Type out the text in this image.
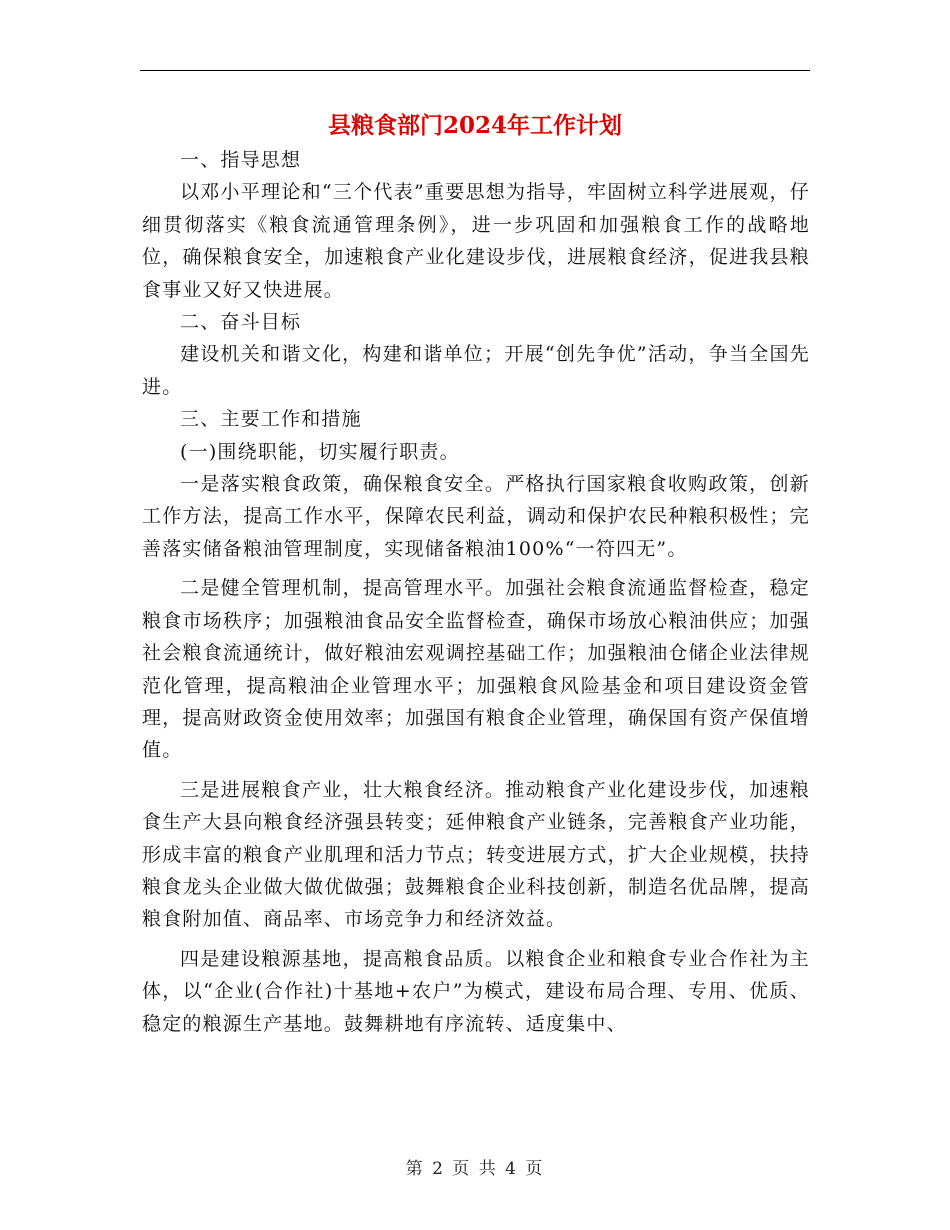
县粮食部门2024年工作计划

一、指导思想

以邓小平理论和“三个代表”重要思想为指导，牢固树立科学进展观，仔细贯彻落实《粮食流通管理条例》，进一步巩固和加强粮食工作的战略地位，确保粮食安全，加速粮食产业化建设步伐，进展粮食经济，促进我县粮食事业又好又快进展。

二、奋斗目标

建设机关和谐文化，构建和谐单位；开展“创先争优”活动，争当全国先进。

三、主要工作和措施

(一)围绕职能，切实履行职责。

一是落实粮食政策，确保粮食安全。严格执行国家粮食收购政策，创新工作方法，提高工作水平，保障农民利益，调动和保护农民种粮积极性；完善落实储备粮油管理制度，实现储备粮油100%“一符四无”。

二是健全管理机制，提高管理水平。加强社会粮食流通监督检查，稳定粮食市场秩序；加强粮油食品安全监督检查，确保市场放心粮油供应；加强社会粮食流通统计，做好粮油宏观调控基础工作；加强粮油仓储企业法律规范化管理，提高粮油企业管理水平；加强粮食风险基金和项目建设资金管理，提高财政资金使用效率；加强国有粮食企业管理，确保国有资产保值增值。

三是进展粮食产业，壮大粮食经济。推动粮食产业化建设步伐，加速粮食生产大县向粮食经济强县转变；延伸粮食产业链条，完善粮食产业功能，形成丰富的粮食产业肌理和活力节点；转变进展方式，扩大企业规模，扶持粮食龙头企业做大做优做强；鼓舞粮食企业科技创新，制造名优品牌，提高粮食附加值、商品率、市场竞争力和经济效益。

四是建设粮源基地，提高粮食品质。以粮食企业和粮食专业合作社为主体，以“企业(合作社)十基地+农户”为模式，建设布局合理、专用、优质、稳定的粮源生产基地。鼓舞耕地有序流转、适度集中、

第 2 页 共 4 页
